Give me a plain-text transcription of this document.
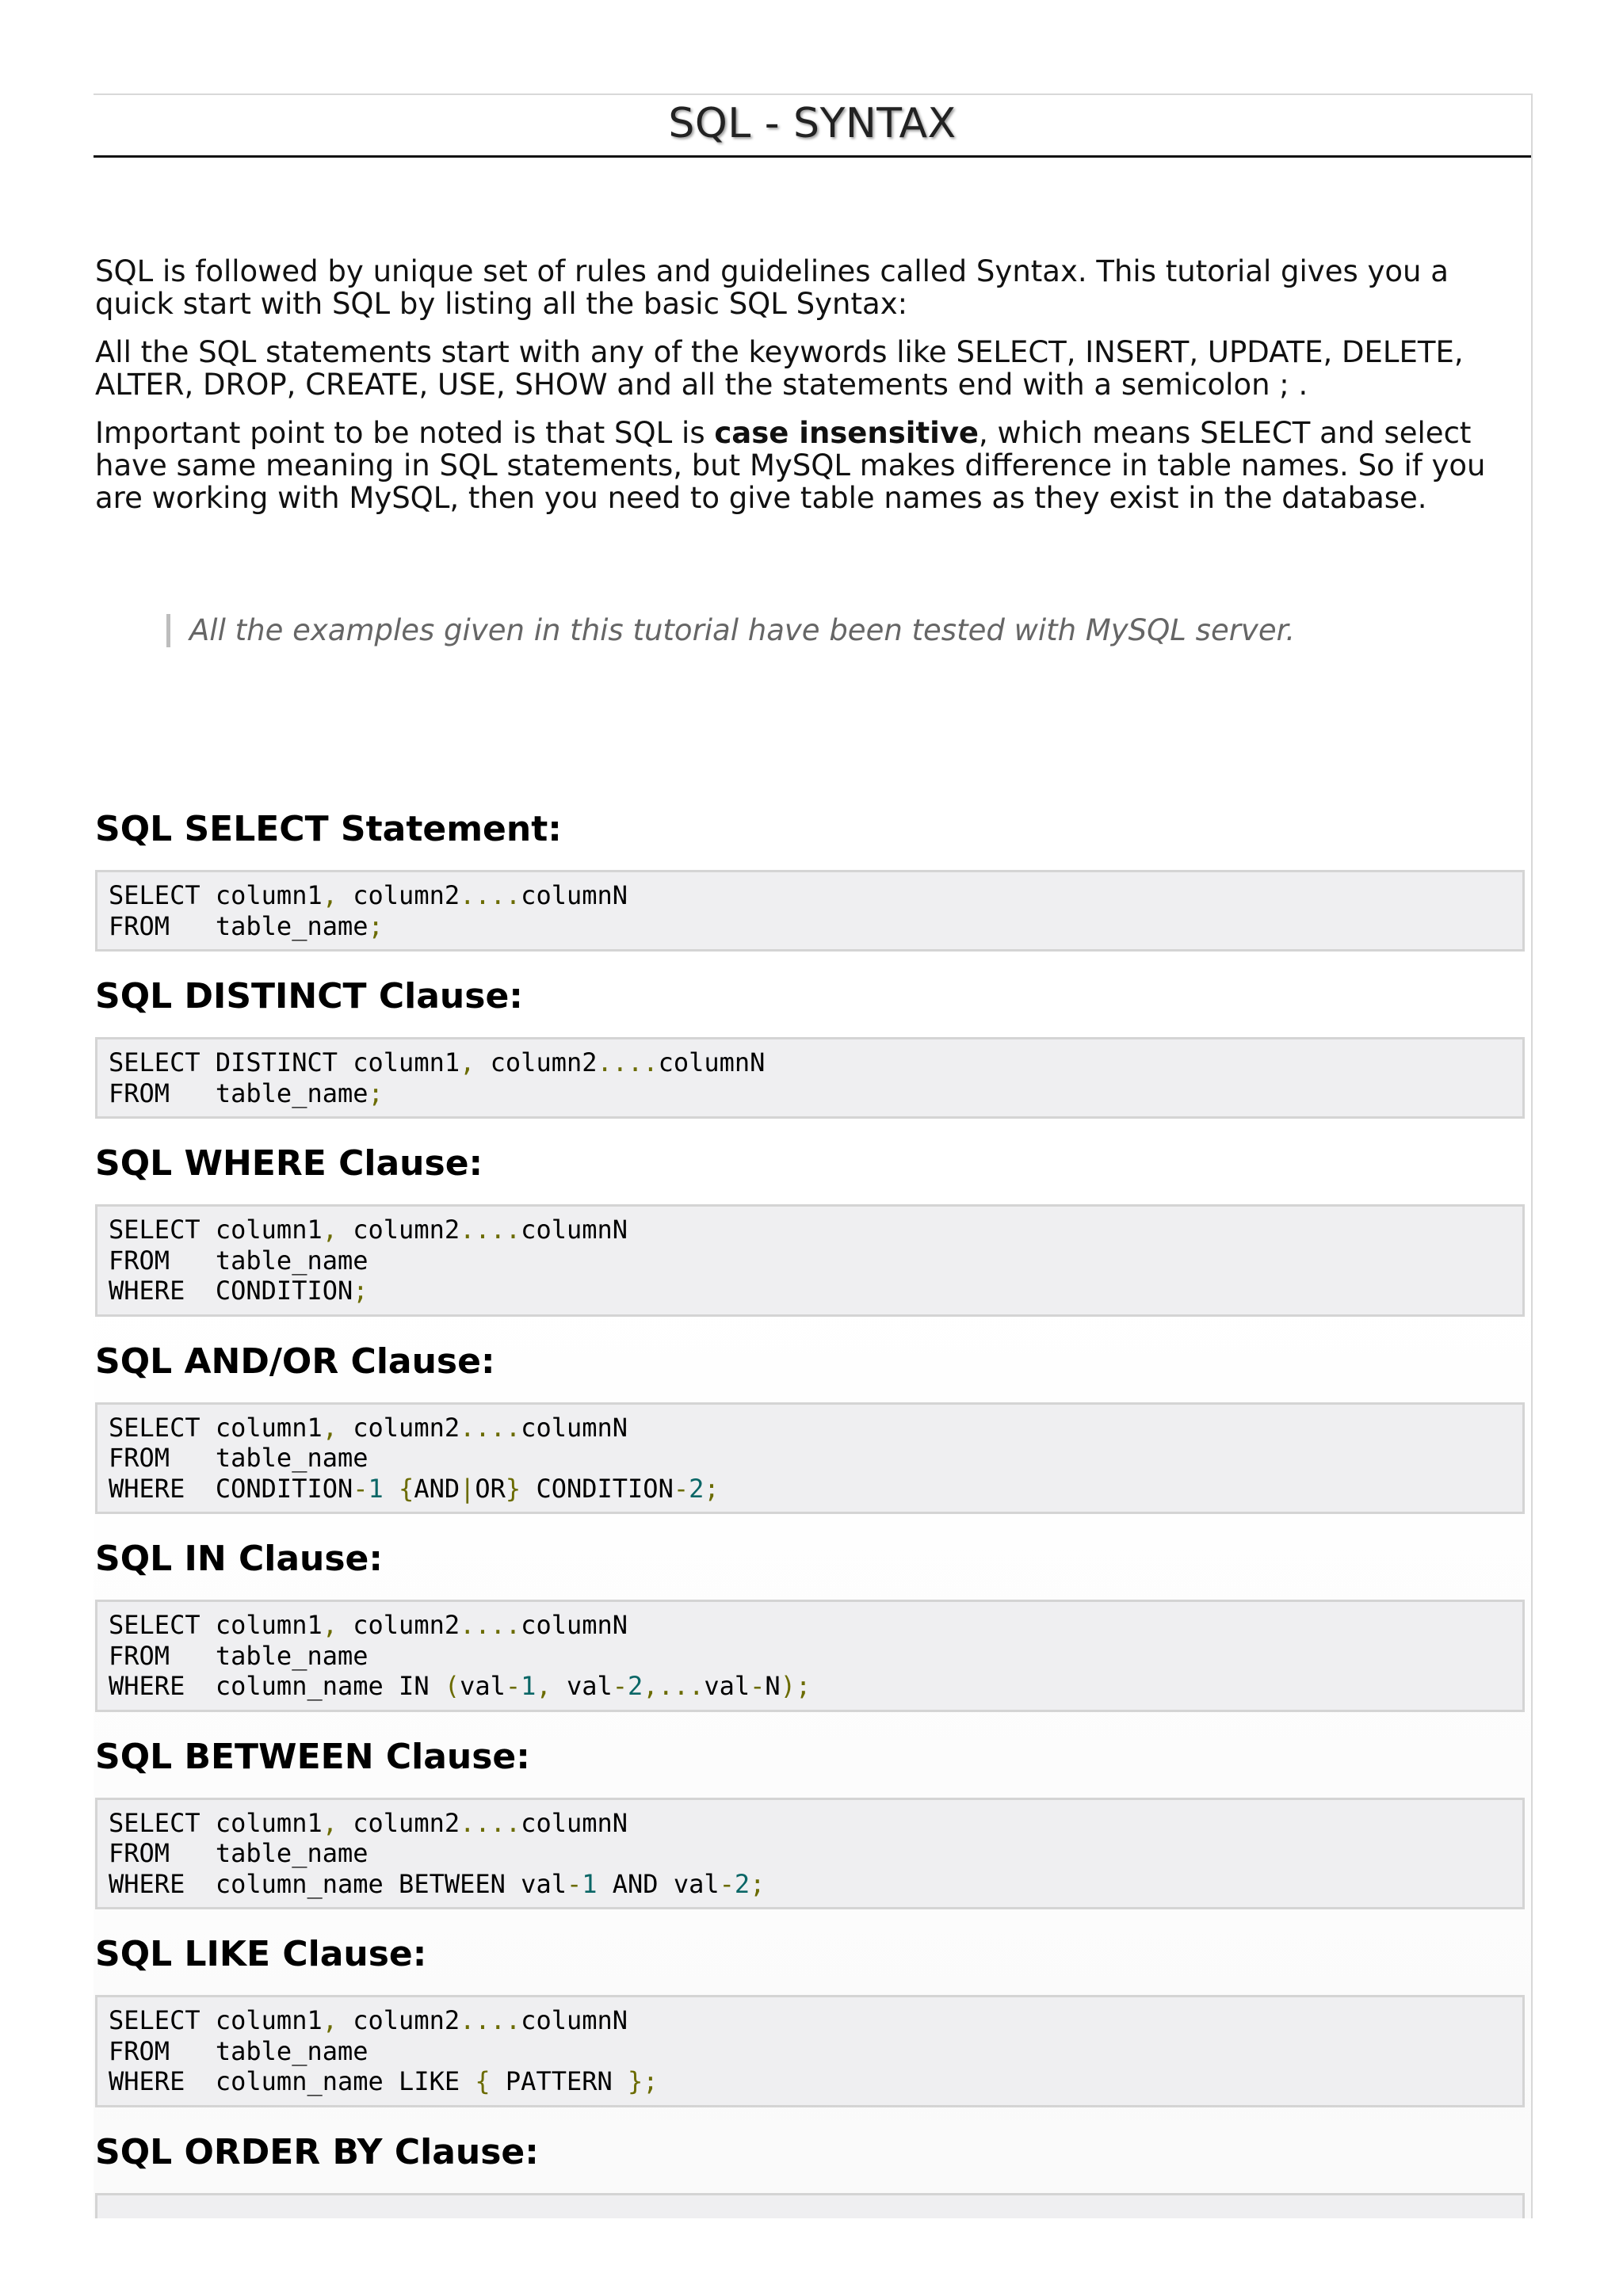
SQL - SYNTAX

SQL is followed by unique set of rules and guidelines called Syntax. This tutorial gives you a quick start with SQL by listing all the basic SQL Syntax:

All the SQL statements start with any of the keywords like SELECT, INSERT, UPDATE, DELETE, ALTER, DROP, CREATE, USE, SHOW and all the statements end with a semicolon ; .

Important point to be noted is that SQL is case insensitive, which means SELECT and select have same meaning in SQL statements, but MySQL makes difference in table names. So if you are working with MySQL, then you need to give table names as they exist in the database.

All the examples given in this tutorial have been tested with MySQL server.
SQL SELECT Statement:
SELECT column1, column2....columnN
FROM   table_name;
SQL DISTINCT Clause:
SELECT DISTINCT column1, column2....columnN
FROM   table_name;
SQL WHERE Clause:
SELECT column1, column2....columnN
FROM   table_name
WHERE  CONDITION;
SQL AND/OR Clause:
SELECT column1, column2....columnN
FROM   table_name
WHERE  CONDITION-1 {AND|OR} CONDITION-2;
SQL IN Clause:
SELECT column1, column2....columnN
FROM   table_name
WHERE  column_name IN (val-1, val-2,...val-N);
SQL BETWEEN Clause:
SELECT column1, column2....columnN
FROM   table_name
WHERE  column_name BETWEEN val-1 AND val-2;
SQL LIKE Clause:
SELECT column1, column2....columnN
FROM   table_name
WHERE  column_name LIKE { PATTERN };
SQL ORDER BY Clause:
